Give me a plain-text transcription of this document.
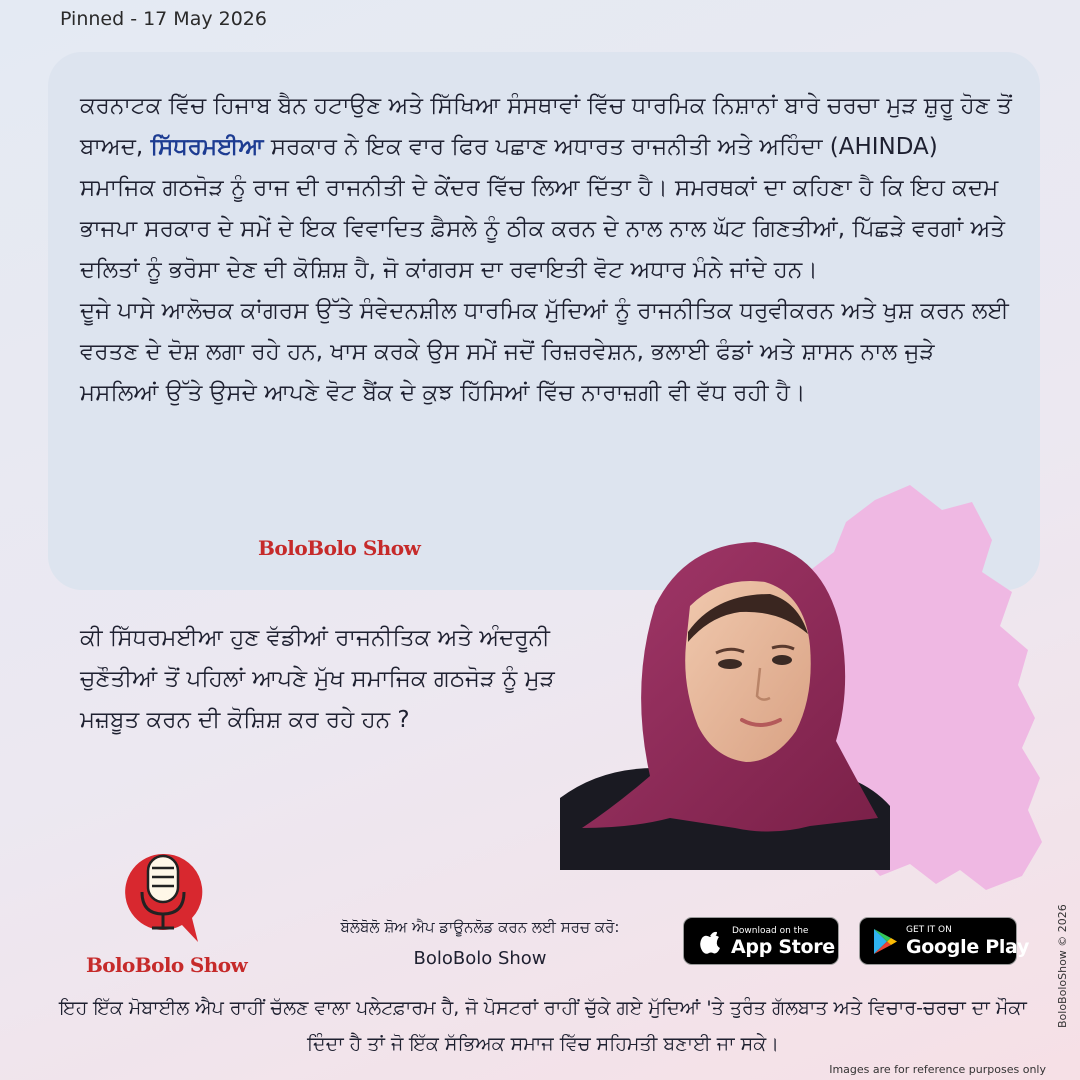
Pinned - 17 May 2026
ਕਰਨਾਟਕ ਵਿੱਚ ਹਿਜਾਬ ਬੈਨ ਹਟਾਉਣ ਅਤੇ ਸਿੱਖਿਆ ਸੰਸਥਾਵਾਂ ਵਿੱਚ ਧਾਰਮਿਕ ਨਿਸ਼ਾਨਾਂ ਬਾਰੇ ਚਰਚਾ ਮੁੜ ਸ਼ੁਰੂ ਹੋਣ ਤੋਂ ਬਾਅਦ, ਸਿੱਧਰਮਈਆ ਸਰਕਾਰ ਨੇ ਇਕ ਵਾਰ ਫਿਰ ਪਛਾਣ ਅਧਾਰਤ ਰਾਜਨੀਤੀ ਅਤੇ ਅਹਿੰਦਾ (AHINDA) ਸਮਾਜਿਕ ਗਠਜੋੜ ਨੂੰ ਰਾਜ ਦੀ ਰਾਜਨੀਤੀ ਦੇ ਕੇਂਦਰ ਵਿੱਚ ਲਿਆ ਦਿੱਤਾ ਹੈ। ਸਮਰਥਕਾਂ ਦਾ ਕਹਿਣਾ ਹੈ ਕਿ ਇਹ ਕਦਮ ਭਾਜਪਾ ਸਰਕਾਰ ਦੇ ਸਮੇਂ ਦੇ ਇਕ ਵਿਵਾਦਿਤ ਫ਼ੈਸਲੇ ਨੂੰ ਠੀਕ ਕਰਨ ਦੇ ਨਾਲ ਨਾਲ ਘੱਟ ਗਿਣਤੀਆਂ, ਪਿੱਛੜੇ ਵਰਗਾਂ ਅਤੇ ਦਲਿਤਾਂ ਨੂੰ ਭਰੋਸਾ ਦੇਣ ਦੀ ਕੋਸ਼ਿਸ਼ ਹੈ, ਜੋ ਕਾਂਗਰਸ ਦਾ ਰਵਾਇਤੀ ਵੋਟ ਅਧਾਰ ਮੰਨੇ ਜਾਂਦੇ ਹਨ।
ਦੂਜੇ ਪਾਸੇ ਆਲੋਚਕ ਕਾਂਗਰਸ ਉੱਤੇ ਸੰਵੇਦਨਸ਼ੀਲ ਧਾਰਮਿਕ ਮੁੱਦਿਆਂ ਨੂੰ ਰਾਜਨੀਤਿਕ ਧਰੁਵੀਕਰਨ ਅਤੇ ਖੁਸ਼ ਕਰਨ ਲਈ ਵਰਤਣ ਦੇ ਦੋਸ਼ ਲਗਾ ਰਹੇ ਹਨ, ਖਾਸ ਕਰਕੇ ਉਸ ਸਮੇਂ ਜਦੋਂ ਰਿਜ਼ਰਵੇਸ਼ਨ, ਭਲਾਈ ਫੰਡਾਂ ਅਤੇ ਸ਼ਾਸਨ ਨਾਲ ਜੁੜੇ ਮਸਲਿਆਂ ਉੱਤੇ ਉਸਦੇ ਆਪਣੇ ਵੋਟ ਬੈਂਕ ਦੇ ਕੁਝ ਹਿੱਸਿਆਂ ਵਿੱਚ ਨਾਰਾਜ਼ਗੀ ਵੀ ਵੱਧ ਰਹੀ ਹੈ।
BoloBolo Show
ਕੀ ਸਿੱਧਰਮਈਆ ਹੁਣ ਵੱਡੀਆਂ ਰਾਜਨੀਤਿਕ ਅਤੇ ਅੰਦਰੂਨੀ ਚੁਣੌਤੀਆਂ ਤੋਂ ਪਹਿਲਾਂ ਆਪਣੇ ਮੁੱਖ ਸਮਾਜਿਕ ਗਠਜੋੜ ਨੂੰ ਮੁੜ ਮਜ਼ਬੂਤ ਕਰਨ ਦੀ ਕੋਸ਼ਿਸ਼ ਕਰ ਰਹੇ ਹਨ ?
BoloBolo Show
ਬੋਲੋਬੋਲੋ ਸ਼ੋਅ ਐਪ ਡਾਊਨਲੋਡ ਕਰਨ ਲਈ ਸਰਚ ਕਰੋ:
BoloBolo Show
Download on the
App Store
GET IT ON
Google Play
ਇਹ ਇੱਕ ਮੋਬਾਈਲ ਐਪ ਰਾਹੀਂ ਚੱਲਣ ਵਾਲਾ ਪਲੇਟਫ਼ਾਰਮ ਹੈ, ਜੋ ਪੋਸਟਰਾਂ ਰਾਹੀਂ ਚੁੱਕੇ ਗਏ ਮੁੱਦਿਆਂ 'ਤੇ ਤੁਰੰਤ ਗੱਲਬਾਤ ਅਤੇ ਵਿਚਾਰ-ਚਰਚਾ ਦਾ ਮੌਕਾ ਦਿੰਦਾ ਹੈ ਤਾਂ ਜੋ ਇੱਕ ਸੱਭਿਅਕ ਸਮਾਜ ਵਿੱਚ ਸਹਿਮਤੀ ਬਣਾਈ ਜਾ ਸਕੇ।
BoloBoloShow © 2026
Images are for reference purposes only
